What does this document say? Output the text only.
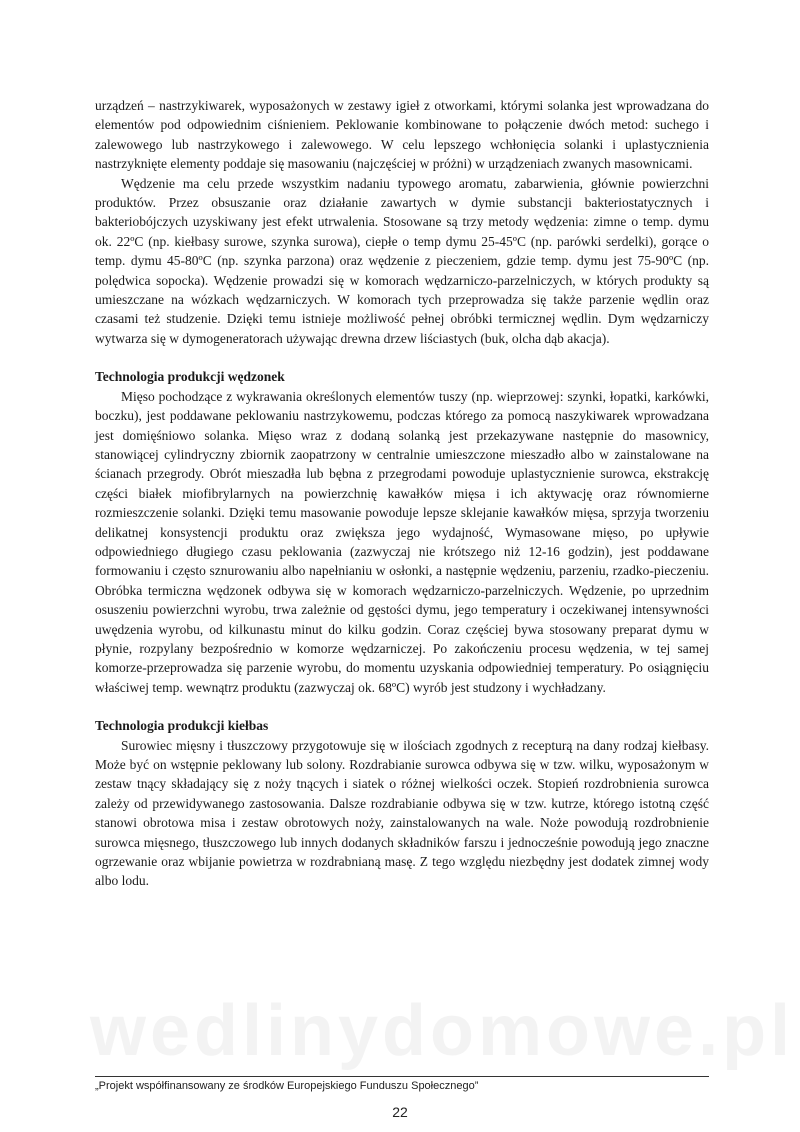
urządzeń – nastrzykiwarek, wyposażonych w zestawy igieł z otworkami, którymi solanka jest wprowadzana do elementów pod odpowiednim ciśnieniem. Peklowanie kombinowane to połączenie dwóch metod: suchego i zalewowego lub nastrzykowego i zalewowego. W celu lepszego wchłonięcia solanki i uplastycznienia nastrzyknięte elementy poddaje się masowaniu (najczęściej w próżni) w urządzeniach zwanych masownicami.

Wędzenie ma celu przede wszystkim nadaniu typowego aromatu, zabarwienia, głównie powierzchni produktów. Przez obsuszanie oraz działanie zawartych w dymie substancji bakteriostatycznych i bakteriobójczych uzyskiwany jest efekt utrwalenia. Stosowane są trzy metody wędzenia: zimne o temp. dymu ok. 22ºC (np. kiełbasy surowe, szynka surowa), ciepłe o temp dymu 25-45ºC (np. parówki serdelki), gorące o temp. dymu 45-80ºC (np. szynka parzona) oraz wędzenie z pieczeniem, gdzie temp. dymu jest 75-90ºC (np. polędwica sopocka). Wędzenie prowadzi się w komorach wędzarniczo-parzelniczych, w których produkty są umieszczane na wózkach wędzarniczych. W komorach tych przeprowadza się także parzenie wędlin oraz czasami też studzenie. Dzięki temu istnieje możliwość pełnej obróbki termicznej wędlin. Dym wędzarniczy wytwarza się w dymogeneratorach używając drewna drzew liściastych (buk, olcha dąb akacja).

Technologia produkcji wędzonek

Mięso pochodzące z wykrawania określonych elementów tuszy (np. wieprzowej: szynki, łopatki, karkówki, boczku), jest poddawane peklowaniu nastrzykowemu, podczas którego za pomocą naszykiwarek wprowadzana jest domięśniowo solanka. Mięso wraz z dodaną solanką jest przekazywane następnie do masownicy, stanowiącej cylindryczny zbiornik zaopatrzony w centralnie umieszczone mieszadło albo w zainstalowane na ścianach przegrody. Obrót mieszadła lub bębna z przegrodami powoduje uplastycznienie surowca, ekstrakcję części białek miofibrylarnych na powierzchnię kawałków mięsa i ich aktywację oraz równomierne rozmieszczenie solanki. Dzięki temu masowanie powoduje lepsze sklejanie kawałków mięsa, sprzyja tworzeniu delikatnej konsystencji produktu oraz zwiększa jego wydajność, Wymasowane mięso, po upływie odpowiedniego długiego czasu peklowania (zazwyczaj nie krótszego niż 12-16 godzin), jest poddawane formowaniu i często sznurowaniu albo napełnianiu w osłonki, a następnie wędzeniu, parzeniu, rzadko-pieczeniu. Obróbka termiczna wędzonek odbywa się w komorach wędzarniczo-parzelniczych. Wędzenie, po uprzednim osuszeniu powierzchni wyrobu, trwa zależnie od gęstości dymu, jego temperatury i oczekiwanej intensywności uwędzenia wyrobu, od kilkunastu minut do kilku godzin. Coraz częściej bywa stosowany preparat dymu w płynie, rozpylany bezpośrednio w komorze wędzarniczej. Po zakończeniu procesu wędzenia, w tej samej komorze-przeprowadza się parzenie wyrobu, do momentu uzyskania odpowiedniej temperatury. Po osiągnięciu właściwej temp. wewnątrz produktu (zazwyczaj ok. 68ºC) wyrób jest studzony i wychładzany.

Technologia produkcji kiełbas

Surowiec mięsny i tłuszczowy przygotowuje się w ilościach zgodnych z recepturą na dany rodzaj kiełbasy. Może być on wstępnie peklowany lub solony. Rozdrabianie surowca odbywa się w tzw. wilku, wyposażonym w zestaw tnący składający się z noży tnących i siatek o różnej wielkości oczek. Stopień rozdrobnienia surowca zależy od przewidywanego zastosowania. Dalsze rozdrabianie odbywa się w tzw. kutrze, którego istotną część stanowi obrotowa misa i zestaw obrotowych noży, zainstalowanych na wale. Noże powodują rozdrobnienie surowca mięsnego, tłuszczowego lub innych dodanych składników farszu i jednocześnie powodują jego znaczne ogrzewanie oraz wbijanie powietrza w rozdrabnianą masę. Z tego względu niezbędny jest dodatek zimnej wody albo lodu.

wedlinydomowe.pl
„Projekt współfinansowany ze środków Europejskiego Funduszu Społecznego”
22
